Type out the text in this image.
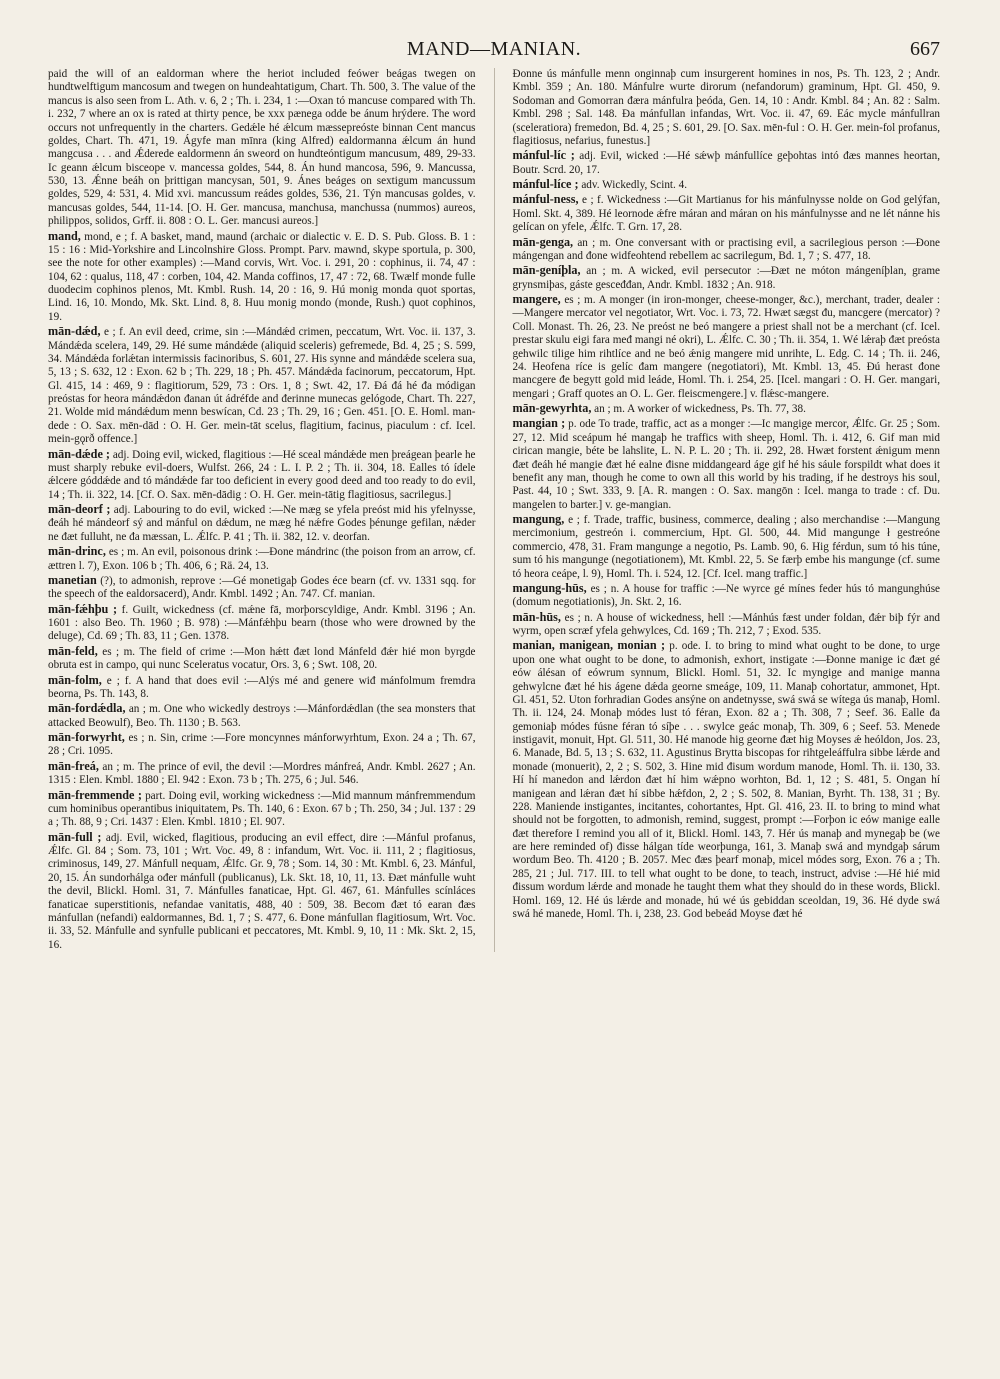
MAND—MANIAN.	667

paid the will of an ealdorman where the heriot included feówer beágas twegen on hundtwelftigum mancosum and twegen on hundeahtatigum, Chart. Th. 500, 3. The value of the mancus is also seen from L. Ath. v. 6, 2 ; Th. i. 234, 1 :—Oxan tó mancuse compared with Th. i. 232, 7 where an ox is rated at thirty pence, be xxx pænega odde be ánum hrýdere. The word occurs not unfrequently in the charters. Gedǽle hé ǽlcum mæssepreóste binnan Cent mancus goldes, Chart. Th. 471, 19. Ágyfe man mīnra (king Alfred) ealdormanna ǽlcum án hund mangcusa . . . and Ǽderede ealdormenn án sweord on hundteóntigum mancusum, 489, 29-33. Ic geann ǽlcum bisceope v. mancessa goldes, 544, 8. Án hund mancosa, 596, 9. Mancussa, 530, 13. Ǽnne beáh on þrittigan mancysan, 501, 9. Ánes beáges on sextigum mancussum goldes, 529, 4: 531, 4. Mid xvi. mancussum reádes goldes, 536, 21. Týn mancusas goldes, v. mancusas goldes, 544, 11-14. [O. H. Ger. mancusa, manchusa, manchussa (nummos) aureos, philippos, solidos, Grff. ii. 808 : O. L. Ger. mancusi aureos.]

mand, mond, e ; f. A basket, mand, maund (archaic or dialectic v. E. D. S. Pub. Gloss. B. 1 : 15 : 16 : Mid-Yorkshire and Lincolnshire Gloss. Prompt. Parv. mawnd, skype sportula, p. 300, see the note for other examples) :—Mand corvis, Wrt. Voc. i. 291, 20 : cophinus, ii. 74, 47 : 104, 62 : qualus, 118, 47 : corben, 104, 42. Manda coffinos, 17, 47 : 72, 68. Twælf monde fulle duodecim cophinos plenos, Mt. Kmbl. Rush. 14, 20 : 16, 9. Hú monig monda quot sportas, Lind. 16, 10. Mondo, Mk. Skt. Lind. 8, 8. Huu monig mondo (monde, Rush.) quot cophinos, 19.

mān-dǽd, e ; f. An evil deed, crime, sin :—Mándǽd crimen, peccatum, Wrt. Voc. ii. 137, 3. Mándǽda scelera, 149, 29. Hé sume mándǽde (aliquid sceleris) gefremede, Bd. 4, 25 ; S. 599, 34. Mándǽda forlǽtan intermissis facinoribus, S. 601, 27. His synne and mándǽde scelera sua, 5, 13 ; S. 632, 12 : Exon. 62 b ; Th. 229, 18 ; Ph. 457. Mándǽda facinorum, peccatorum, Hpt. Gl. 415, 14 : 469, 9 : flagitiorum, 529, 73 : Ors. 1, 8 ; Swt. 42, 17. Đá đá hé đa módigan preóstas for heora mándǽdon đanan út ádréfde and đerinne munecas gelógode, Chart. Th. 227, 21. Wolde mid mándǽdum menn beswícan, Cd. 23 ; Th. 29, 16 ; Gen. 451. [O. E. Homl. man-dede : O. Sax. mēn-dād : O. H. Ger. mein-tāt scelus, flagitium, facinus, piaculum : cf. Icel. mein-gǫrð offence.]

mān-dǽde ; adj. Doing evil, wicked, flagitious :—Hé sceal mándǽde men þreágean þearle he must sharply rebuke evil-doers, Wulfst. 266, 24 : L. I. P. 2 ; Th. ii. 304, 18. Ealles tó ídele ǽlcere góddǽde and tó mándǽde far too deficient in every good deed and too ready to do evil, 14 ; Th. ii. 322, 14. [Cf. O. Sax. mēn-dādig : O. H. Ger. mein-tātig flagitiosus, sacrilegus.]

mān-deorf ; adj. Labouring to do evil, wicked :—Ne mæg se yfela preóst mid his yfelnysse, đeáh hé mándeorf sý and mánful on dǽdum, ne mæg hé nǽfre Godes þénunge gefilan, nǽder ne đæt fulluht, ne đa mæssan, L. Ǽlfc. P. 41 ; Th. ii. 382, 12. v. deorfan.

mān-drinc, es ; m. An evil, poisonous drink :—Đone mándrinc (the poison from an arrow, cf. ættren l. 7), Exon. 106 b ; Th. 406, 6 ; Rä. 24, 13.

manetian (?), to admonish, reprove :—Gé monetigaþ Godes éce bearn (cf. vv. 1331 sqq. for the speech of the ealdorsacerd), Andr. Kmbl. 1492 ; An. 747. Cf. manian.

mān-fǽhþu ; f. Guilt, wickedness (cf. mǽne fā, morþorscyldige, Andr. Kmbl. 3196 ; An. 1601 : also Beo. Th. 1960 ; B. 978) :—Mánfǽhþu bearn (those who were drowned by the deluge), Cd. 69 ; Th. 83, 11 ; Gen. 1378.

mān-feld, es ; m. The field of crime :—Mon hǽtt đæt lond Mánfeld đǽr hié mon byrgde obruta est in campo, qui nunc Sceleratus vocatur, Ors. 3, 6 ; Swt. 108, 20.

mān-folm, e ; f. A hand that does evil :—Alýs mé and genere wiđ mánfolmum fremdra beorna, Ps. Th. 143, 8.

mān-fordǽdla, an ; m. One who wickedly destroys :—Mánfordǽdlan (the sea monsters that attacked Beowulf), Beo. Th. 1130 ; B. 563.

mān-forwyrht, es ; n. Sin, crime :—Fore moncynnes mánforwyrhtum, Exon. 24 a ; Th. 67, 28 ; Cri. 1095.

mān-freá, an ; m. The prince of evil, the devil :—Mordres mánfreá, Andr. Kmbl. 2627 ; An. 1315 : Elen. Kmbl. 1880 ; El. 942 : Exon. 73 b ; Th. 275, 6 ; Jul. 546.

mān-fremmende ; part. Doing evil, working wickedness :—Mid mannum mánfremmendum cum hominibus operantibus iniquitatem, Ps. Th. 140, 6 : Exon. 67 b ; Th. 250, 34 ; Jul. 137 : 29 a ; Th. 88, 9 ; Cri. 1437 : Elen. Kmbl. 1810 ; El. 907.

mān-full ; adj. Evil, wicked, flagitious, producing an evil effect, dire :—Mánful profanus, Ǽlfc. Gl. 84 ; Som. 73, 101 ; Wrt. Voc. 49, 8 : infandum, Wrt. Voc. ii. 111, 2 ; flagitiosus, criminosus, 149, 27. Mánfull nequam, Ǽlfc. Gr. 9, 78 ; Som. 14, 30 : Mt. Kmbl. 6, 23. Mánful, 20, 15. Án sundorhálga ođer mánfull (publicanus), Lk. Skt. 18, 10, 11, 13. Đæt mánfulle wuht the devil, Blickl. Homl. 31, 7. Mánfulles fanaticae, Hpt. Gl. 467, 61. Mánfulles scínláces fanaticae superstitionis, nefandae vanitatis, 488, 40 : 509, 38. Becom đæt tó earan đæs mánfullan (nefandi) ealdormannes, Bd. 1, 7 ; S. 477, 6. Đone mánfullan flagitiosum, Wrt. Voc. ii. 33, 52. Mánfulle and synfulle publicani et peccatores, Mt. Kmbl. 9, 10, 11 : Mk. Skt. 2, 15, 16.

Đonne ús mánfulle menn onginnaþ cum insurgerent homines in nos, Ps. Th. 123, 2 ; Andr. Kmbl. 359 ; An. 180. Mánfulre wurte dirorum (nefandorum) graminum, Hpt. Gl. 450, 9. Sodoman and Gomorran đæra mánfulra þeóda, Gen. 14, 10 : Andr. Kmbl. 84 ; An. 82 : Salm. Kmbl. 298 ; Sal. 148. Đa mánfullan infandas, Wrt. Voc. ii. 47, 69. Eác mycle mánfullran (sceleratiora) fremedon, Bd. 4, 25 ; S. 601, 29. [O. Sax. mēn-ful : O. H. Ger. mein-fol profanus, flagitiosus, nefarius, funestus.]

mánful-líc ; adj. Evil, wicked :—Hé sǽwþ mánfullíce geþohtas intó đæs mannes heortan, Boutr. Scrd. 20, 17.

mánful-líce ; adv. Wickedly, Scint. 4.

mánful-ness, e ; f. Wickedness :—Git Martianus for his mánfulnysse nolde on God gelýfan, Homl. Skt. 4, 389. Hé leornode ǽfre máran and máran on his mánfulnysse and ne lét nánne his gelícan on yfele, Ǽlfc. T. Grn. 17, 28.

mān-genga, an ; m. One conversant with or practising evil, a sacrilegious person :—Đone mángengan and đone widfeohtend rebellem ac sacrilegum, Bd. 1, 7 ; S. 477, 18.

mān-geníþla, an ; m. A wicked, evil persecutor :—Đæt ne móton mángeníþlan, grame grynsmiþas, gáste gesceđđan, Andr. Kmbl. 1832 ; An. 918.

mangere, es ; m. A monger (in iron-monger, cheese-monger, &c.), merchant, trader, dealer :—Mangere mercator vel negotiator, Wrt. Voc. i. 73, 72. Hwæt sægst đu, mancgere (mercator) ? Coll. Monast. Th. 26, 23. Ne preóst ne beó mangere a priest shall not be a merchant (cf. Icel. prestar skulu eigi fara međ mangi né okri), L. Ǽlfc. C. 30 ; Th. ii. 354, 1. Wé lǽraþ đæt preósta gehwilc tilige him rihtlíce and ne beó ǽnig mangere mid unrihte, L. Edg. C. 14 ; Th. ii. 246, 24. Heofena ríce is gelíc đam mangere (negotiatori), Mt. Kmbl. 13, 45. Đú herast đone mancgere đe begytt gold mid leáde, Homl. Th. i. 254, 25. [Icel. mangari : O. H. Ger. mangari, mengari ; Graff quotes an O. L. Ger. fleiscmengere.] v. flǽsc-mangere.

mān-gewyrhta, an ; m. A worker of wickedness, Ps. Th. 77, 38.

mangian ; p. ode To trade, traffic, act as a monger :—Ic mangige mercor, Ǽlfc. Gr. 25 ; Som. 27, 12. Mid sceápum hé mangaþ he traffics with sheep, Homl. Th. i. 412, 6. Gif man mid cirican mangie, béte be lahslite, L. N. P. L. 20 ; Th. ii. 292, 28. Hwæt forstent ǽnigum menn đæt đeáh hé mangie đæt hé ealne đisne middangeard áge gif hé his sáule forspildt what does it benefit any man, though he come to own all this world by his trading, if he destroys his soul, Past. 44, 10 ; Swt. 333, 9. [A. R. mangen : O. Sax. mangōn : Icel. manga to trade : cf. Du. mangelen to barter.] v. ge-mangian.

mangung, e ; f. Trade, traffic, business, commerce, dealing ; also merchandise :—Mangung mercimonium, gestreón i. commercium, Hpt. Gl. 500, 44. Mid mangunge ł gestreóne commercio, 478, 31. Fram mangunge a negotio, Ps. Lamb. 90, 6. Hig férdun, sum tó his túne, sum tó his mangunge (negotiationem), Mt. Kmbl. 22, 5. Se færþ embe his mangunge (cf. sume tó heora ceápe, l. 9), Homl. Th. i. 524, 12. [Cf. Icel. mang traffic.]

mangung-hūs, es ; n. A house for traffic :—Ne wyrce gé mínes feder hús tó mangunghúse (domum negotiationis), Jn. Skt. 2, 16.

mān-hūs, es ; n. A house of wickedness, hell :—Mánhús fæst under foldan, đǽr biþ fýr and wyrm, open scræf yfela gehwylces, Cd. 169 ; Th. 212, 7 ; Exod. 535.

manian, manigean, monian ; p. ode. I. to bring to mind what ought to be done, to urge upon one what ought to be done, to admonish, exhort, instigate :—Đonne manige ic đæt gé eów álésan of eówrum synnum, Blickl. Homl. 51, 32. Ic myngige and manige manna gehwylcne đæt hé his ágene dǽda georne smeáge, 109, 11. Manaþ cohortatur, ammonet, Hpt. Gl. 451, 52. Uton forhradian Godes ansýne on andetnysse, swá swá se wítega ús manaþ, Homl. Th. ii. 124, 24. Monaþ módes lust tó féran, Exon. 82 a ; Th. 308, 7 ; Seef. 36. Ealle đa gemoniaþ módes fúsne féran tó síþe . . . swylce geác monaþ, Th. 309, 6 ; Seef. 53. Menede instigavit, monuit, Hpt. Gl. 511, 30. Hé manode hig georne đæt hig Moyses ǽ heóldon, Jos. 23, 6. Manade, Bd. 5, 13 ; S. 632, 11. Agustinus Brytta biscopas for rihtgeleáffulra sibbe lǽrde and monade (monuerit), 2, 2 ; S. 502, 3. Hine mid đisum wordum manode, Homl. Th. ii. 130, 33. Hí hí manedon and lǽrdon đæt hí him wǽpno worhton, Bd. 1, 12 ; S. 481, 5. Ongan hí manigean and lǽran đæt hí sibbe hǽfdon, 2, 2 ; S. 502, 8. Manian, Byrht. Th. 138, 31 ; By. 228. Maniende instigantes, incitantes, cohortantes, Hpt. Gl. 416, 23. II. to bring to mind what should not be forgotten, to admonish, remind, suggest, prompt :—Forþon ic eów manige ealle đæt therefore I remind you all of it, Blickl. Homl. 143, 7. Hér ús manaþ and mynegaþ be (we are here reminded of) đisse hálgan tíde weorþunga, 161, 3. Manaþ swá and myndgaþ sárum wordum Beo. Th. 4120 ; B. 2057. Mec đæs þearf monaþ, micel módes sorg, Exon. 76 a ; Th. 285, 21 ; Jul. 717. III. to tell what ought to be done, to teach, instruct, advise :—Hé hié mid đissum wordum lǽrde and monade he taught them what they should do in these words, Blickl. Homl. 169, 12. Hé ús lǽrde and monade, hú wé ús gebiddan sceoldan, 19, 36. Hé dyde swá swá hé manede, Homl. Th. i, 238, 23. God bebeád Moyse đæt hé
